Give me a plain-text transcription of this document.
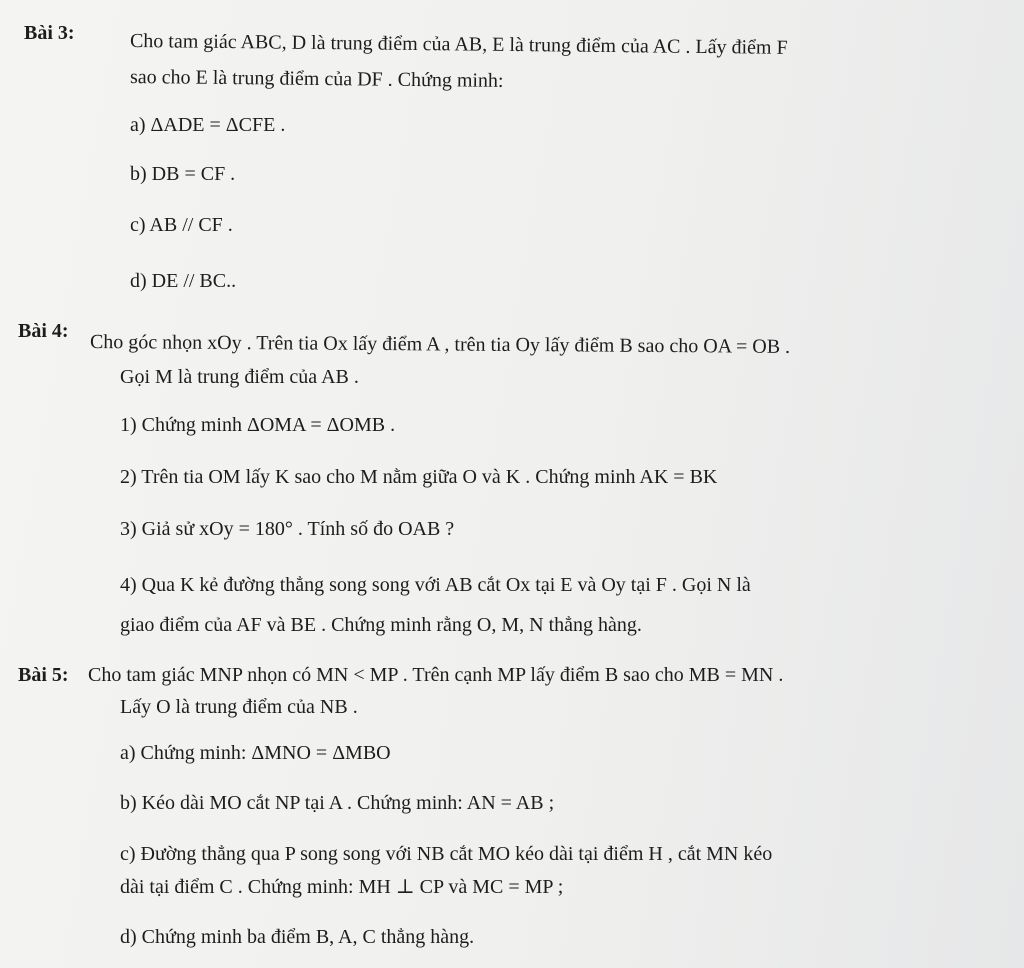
Bài 3:	Cho tam giác ABC, D là trung điểm của AB, E là trung điểm của AC . Lấy điểm F
sao cho E là trung điểm của DF . Chứng minh:
a) ΔADE = ΔCFE .
b) DB = CF .
c) AB // CF .
d) DE // BC..
Bài 4:
Cho góc nhọn xOy . Trên tia Ox lấy điểm A , trên tia Oy lấy điểm B sao cho OA = OB .
Gọi M là trung điểm của AB .
1) Chứng minh ΔOMA = ΔOMB .
2) Trên tia OM lấy K sao cho M nằm giữa O và K . Chứng minh AK = BK
3) Giả sử xOy = 180° . Tính số đo OAB ?
4) Qua K kẻ đường thẳng song song với AB cắt Ox tại E và Oy tại F . Gọi N là
giao điểm của AF và BE . Chứng minh rằng O, M, N thẳng hàng.
Bài 5: Cho tam giác MNP nhọn có MN < MP . Trên cạnh MP lấy điểm B sao cho MB = MN .
Lấy O là trung điểm của NB .
a) Chứng minh: ΔMNO = ΔMBO
b) Kéo dài MO cắt NP tại A . Chứng minh: AN = AB ;
c) Đường thẳng qua P song song với NB cắt MO kéo dài tại điểm H , cắt MN kéo
dài tại điểm C . Chứng minh: MH ⊥ CP và MC = MP ;
d) Chứng minh ba điểm B, A, C thẳng hàng.
